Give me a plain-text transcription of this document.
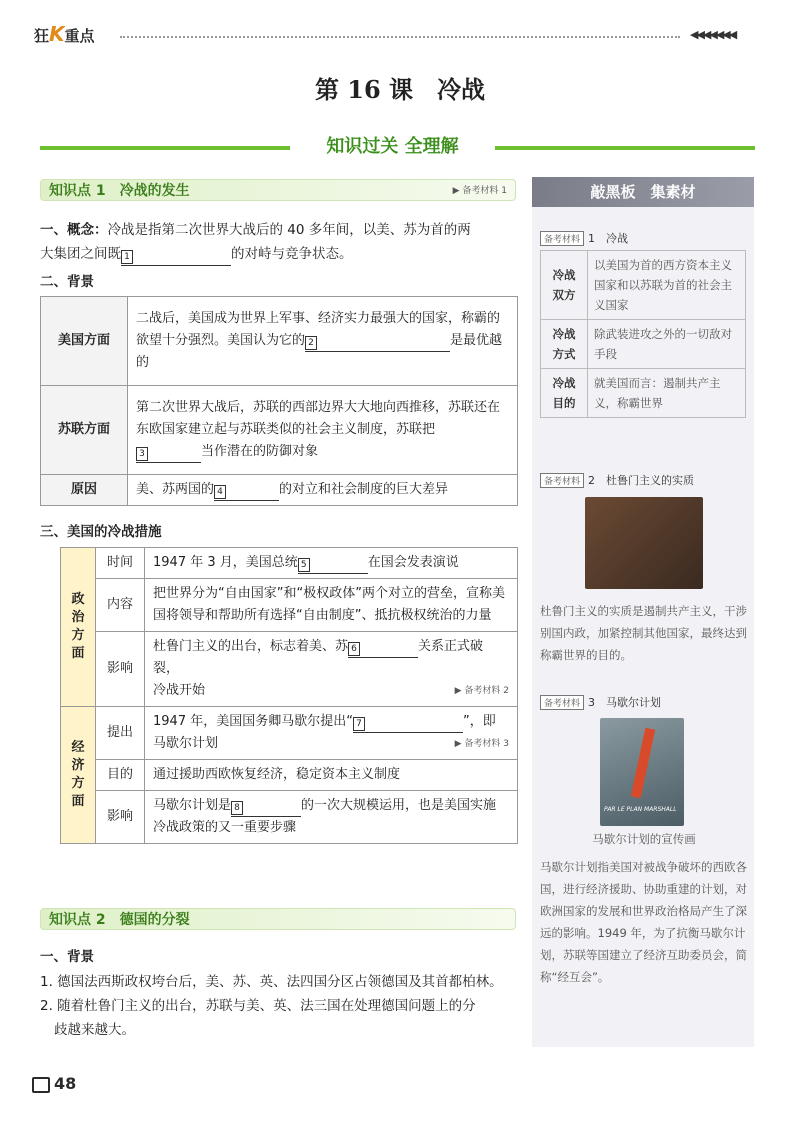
狂K重点	◀◀◀◀◀◀◀
第 16 课　冷战
知识过关 全理解
知识点 1　冷战的发生	▶ 备考材料 1
一、概念：冷战是指第二次世界大战后的 40 多年间，以美、苏为首的两
大集团之间既 1	的对峙与竞争状态。
二、背景
美国方面	二战后，美国成为世界上军事、经济实力最强大的国家，称霸的欲望十分强烈。美国认为它的 2 是最优越的
苏联方面	第二次世界大战后，苏联的西部边界大大地向西推移，苏联还在东欧国家建立起与苏联类似的社会主义制度，苏联把

3 当作潜在的防御对象
原因	美、苏两国的 4 的对立和社会制度的巨大差异
三、美国的冷战措施
政治方面	时间	1947 年 3 月，美国总统 5 在国会发表演说
	内容	把世界分为“自由国家”和“极权政体”两个对立的营垒，宣称美国将领导和帮助所有选择“自由制度”、抵抗极权统治的力量
	影响	杜鲁门主义的出台，标志着美、苏 6 关系正式破裂，
冷战开始 ▶ 备考材料 2

经济方面	提出	1947 年，美国国务卿马歇尔提出“ 7 ”，即
马歇尔计划 ▶ 备考材料 3

	目的	通过援助西欧恢复经济，稳定资本主义制度
	影响	马歇尔计划是 8 的一次大规模运用，也是美国实施
冷战政策的又一重要步骤
知识点 2　德国的分裂
一、背景
1. 德国法西斯政权垮台后，美、苏、英、法四国分区占领德国及其首都柏林。
2. 随着杜鲁门主义的出台，苏联与美、英、法三国在处理德国问题上的分
歧越来越大。
敲黑板　集素材
备考材料 1　冷战
冷战双方	以美国为首的西方资本主义国家和以苏联为首的社会主义国家
冷战方式	除武装进攻之外的一切敌对手段
冷战目的	就美国而言：遏制共产主义，称霸世界
备考材料 2　杜鲁门主义的实质
杜鲁门主义的实质是遏制共产主义，干涉别国内政，加紧控制其他国家，最终达到称霸世界的目的。
备考材料 3　马歇尔计划
PAR LE PLAN MARSHALL
马歇尔计划的宣传画
马歇尔计划指美国对被战争破坏的西欧各国，进行经济援助、协助重建的计划，对欧洲国家的发展和世界政治格局产生了深远的影响。1949 年，为了抗衡马歇尔计划，苏联等国建立了经济互助委员会，简称“经互会”。
48
